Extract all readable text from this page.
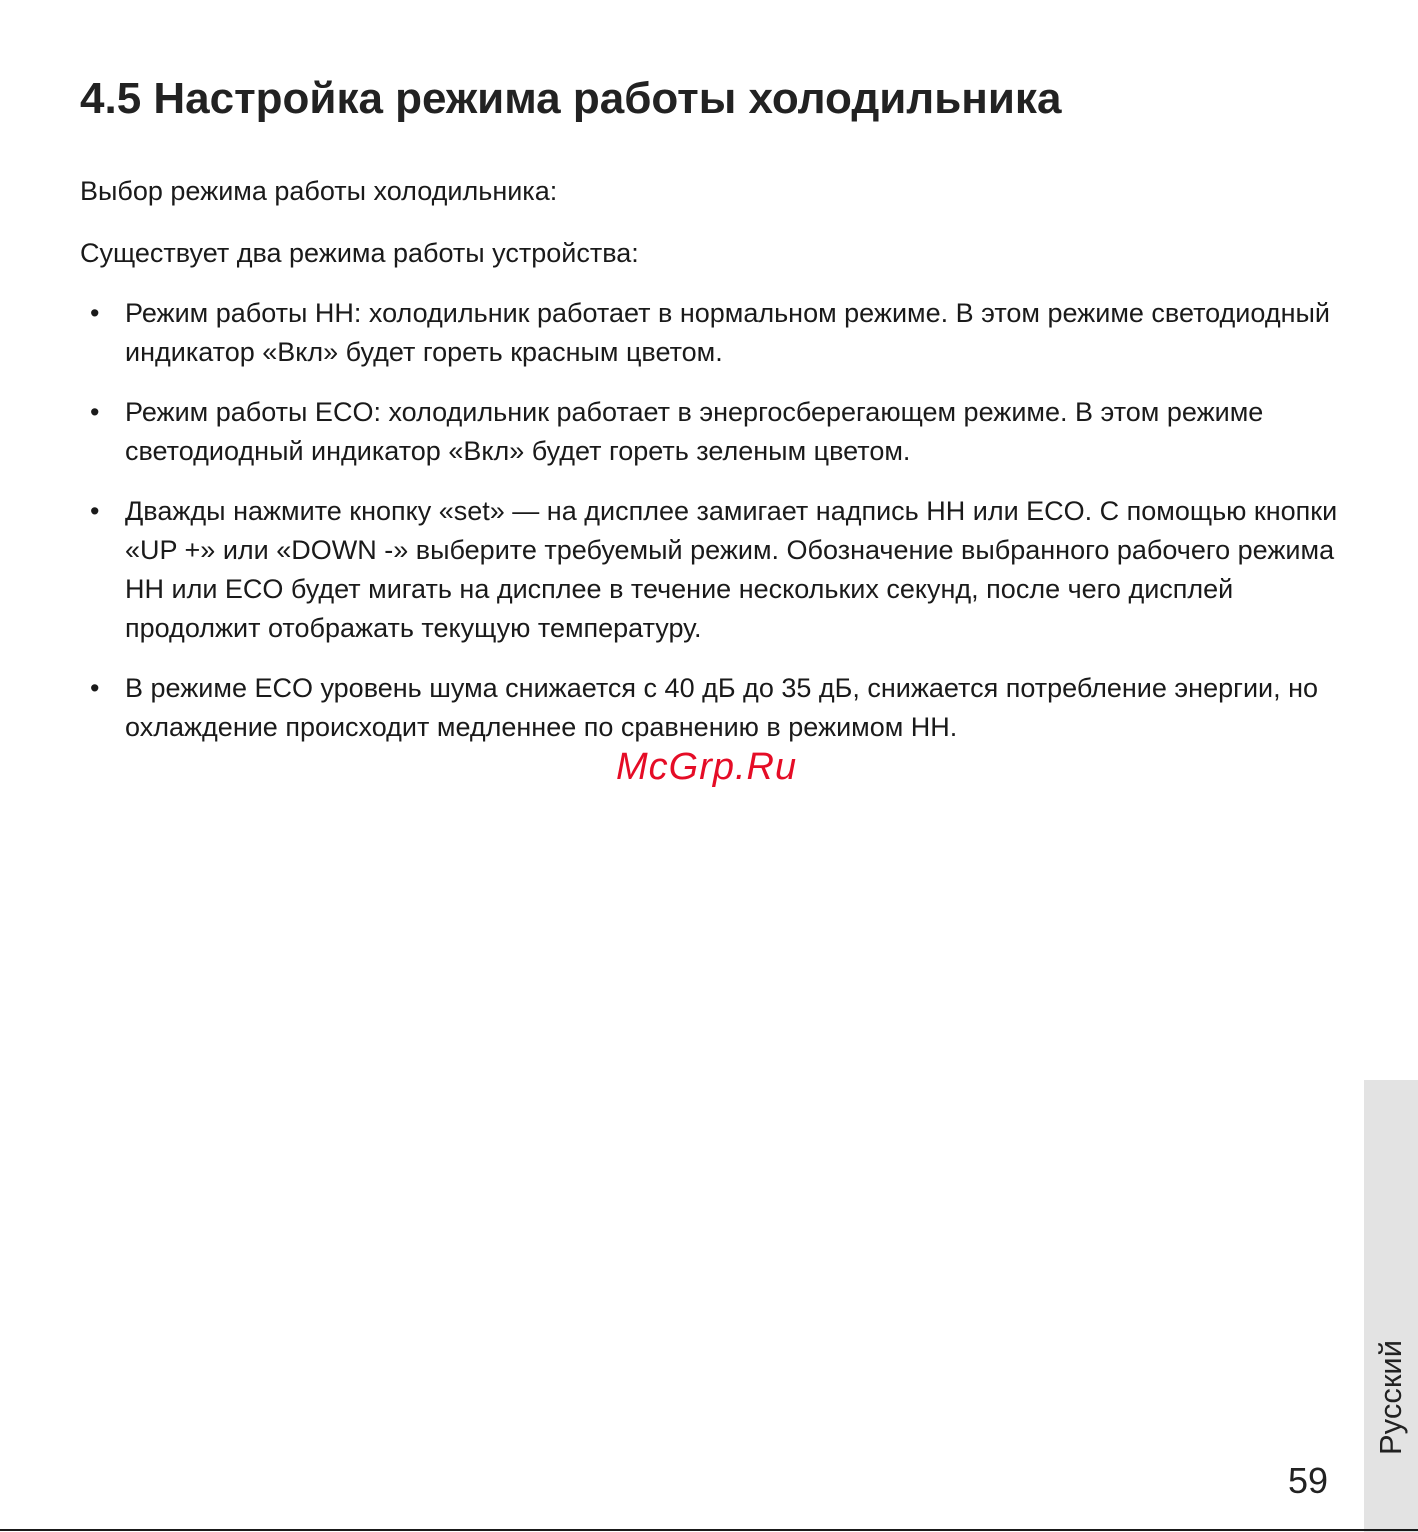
4.5 Настройка режима работы холодильника

Выбор режима работы холодильника:

Существует два режима работы устройства:

• Режим работы HH: холодильник работает в нормальном режиме. В этом режиме светодиодный индикатор «Вкл» будет гореть красным цветом.
• Режим работы ECO: холодильник работает в энергосберегающем режиме. В этом режиме светодиодный индикатор «Вкл» будет гореть зеленым цветом.
• Дважды нажмите кнопку «set» — на дисплее замигает надпись HH или ECO. С помощью кнопки «UP +» или «DOWN -» выберите требуемый режим. Обозначение выбранного рабочего режима HH или ECO будет мигать на дисплее в течение нескольких секунд, после чего дисплей продолжит отображать текущую температуру.
• В режиме ECO уровень шума снижается с 40 дБ до 35 дБ, снижается потребление энергии, но охлаждение происходит медленнее по сравнению в режимом HH.
McGrp.Ru
Русский

59
